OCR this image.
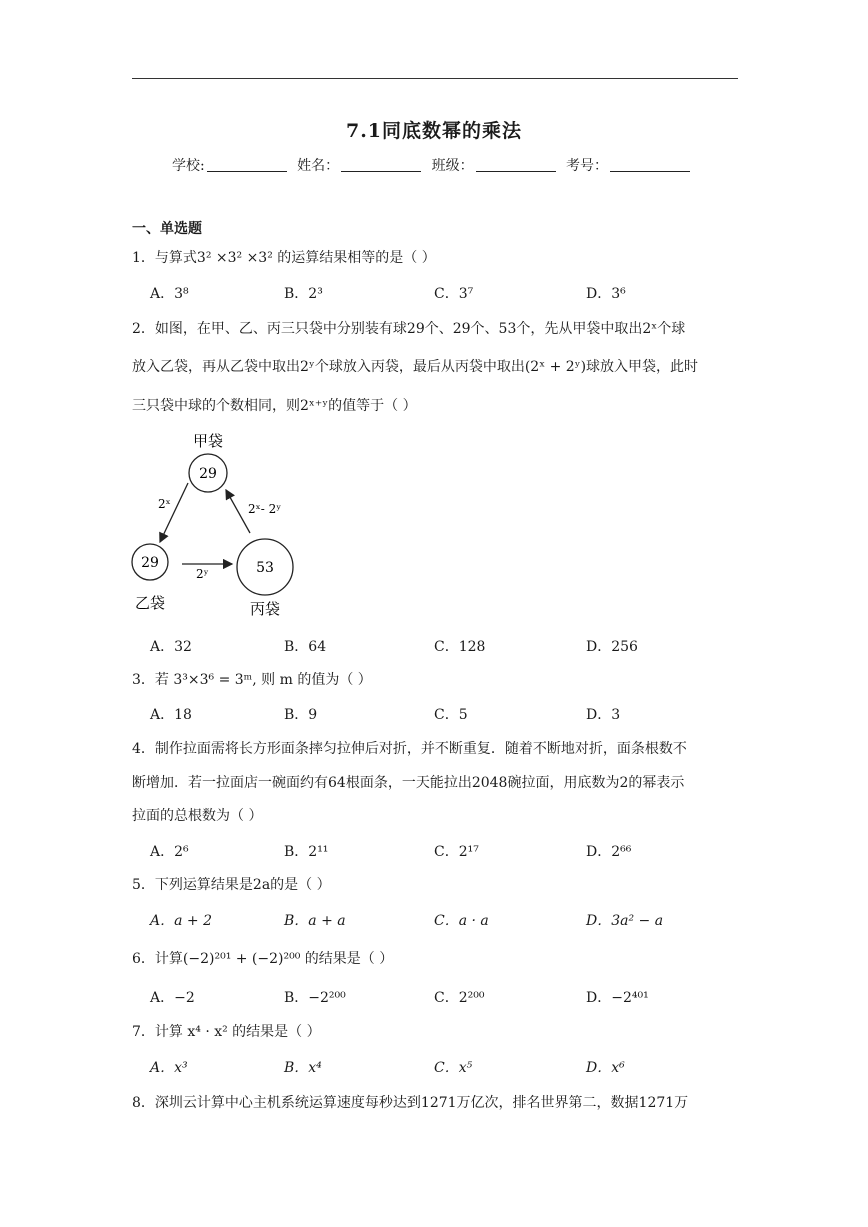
7.1同底数幂的乘法
学校:	姓名：	班级：	考号：
一、单选题
1．与算式3² ×3² ×3² 的运算结果相等的是（ ）
A．3⁸	B．2³	C．3⁷	D．3⁶
2．如图，在甲、乙、丙三只袋中分别装有球29个、29个、53个，先从甲袋中取出2ˣ个球
放入乙袋，再从乙袋中取出2ʸ个球放入丙袋，最后从丙袋中取出(2ˣ + 2ʸ)球放入甲袋，此时
三只袋中球的个数相同，则2ˣ⁺ʸ的值等于（ ）
甲袋
29
29
乙袋
53
丙袋
2ˣ
2ʸ
2ˣ- 2ʸ
A．32	B．64	C．128	D．256
3．若 3³×3⁶ = 3ᵐ, 则 m 的值为（ ）
A．18	B．9	C．5	D．3
4．制作拉面需将长方形面条摔匀拉伸后对折，并不断重复．随着不断地对折，面条根数不
断增加．若一拉面店一碗面约有64根面条，一天能拉出2048碗拉面，用底数为2的幂表示
拉面的总根数为（ ）
A．2⁶	B．2¹¹	C．2¹⁷	D．2⁶⁶
5．下列运算结果是2a的是（ ）
A．a + 2	B．a + a	C．a · a	D．3a² − a
6．计算(−2)²⁰¹ + (−2)²⁰⁰ 的结果是（ ）
A．−2	B．−2²⁰⁰	C．2²⁰⁰	D．−2⁴⁰¹
7．计算 x⁴ · x² 的结果是（ ）
A．x³	B．x⁴	C．x⁵	D．x⁶
8．深圳云计算中心主机系统运算速度每秒达到1271万亿次，排名世界第二，数据1271万
